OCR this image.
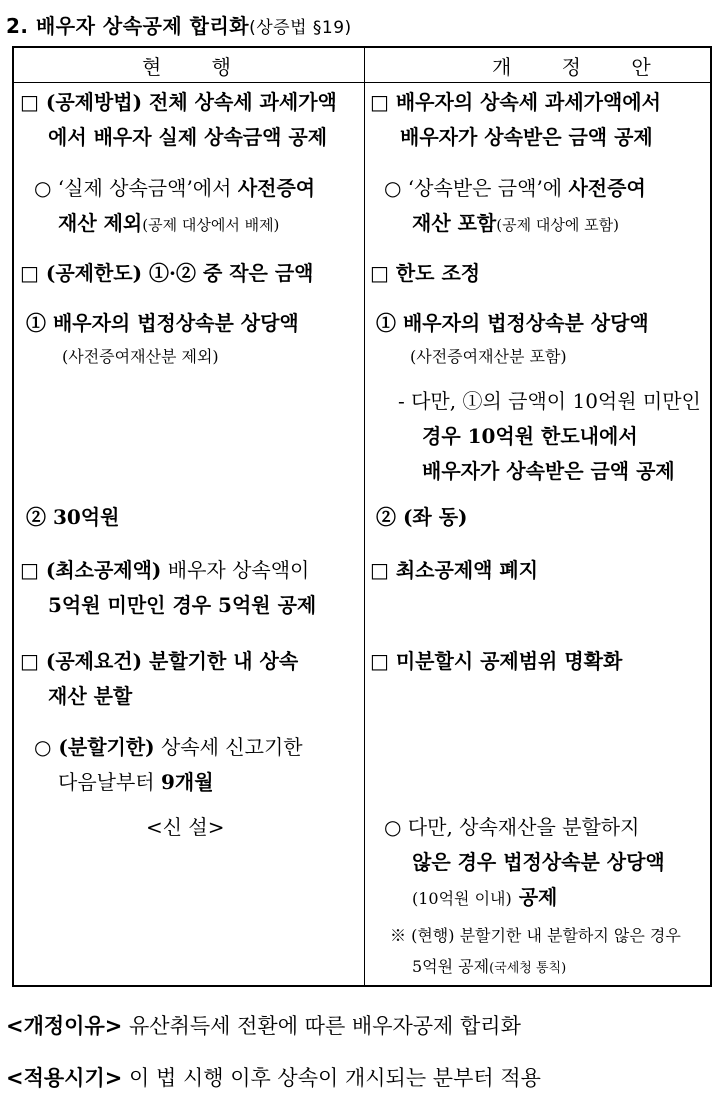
2. 배우자 상속공제 합리화(상증법 §19)
현 행	개 정 안
□ (공제방법) 전체 상속세 과세가액
에서 배우자 실제 상속금액 공제
○ ‘실제 상속금액’에서 사전증여
재산 제외(공제 대상에서 배제)
□ (공제한도) ①·② 중 작은 금액
① 배우자의 법정상속분 상당액
(사전증여재산분 제외)
② 30억원
□ (최소공제액) 배우자 상속액이
5억원 미만인 경우 5억원 공제
□ (공제요건) 분할기한 내 상속
재산 분할
○ (분할기한) 상속세 신고기한
다음날부터 9개월
<신 설>
□ 배우자의 상속세 과세가액에서
배우자가 상속받은 금액 공제
○ ‘상속받은 금액’에 사전증여
재산 포함(공제 대상에 포함)
□ 한도 조정
① 배우자의 법정상속분 상당액
(사전증여재산분 포함)
- 다만, ①의 금액이 10억원 미만인
경우 10억원 한도내에서
배우자가 상속받은 금액 공제
② (좌 동)
□ 최소공제액 폐지
□ 미분할시 공제범위 명확화
○ 다만, 상속재산을 분할하지
않은 경우 법정상속분 상당액
(10억원 이내) 공제
※ (현행) 분할기한 내 분할하지 않은 경우
5억원 공제(국세청 통칙)
<개정이유> 유산취득세 전환에 따른 배우자공제 합리화
<적용시기> 이 법 시행 이후 상속이 개시되는 분부터 적용
